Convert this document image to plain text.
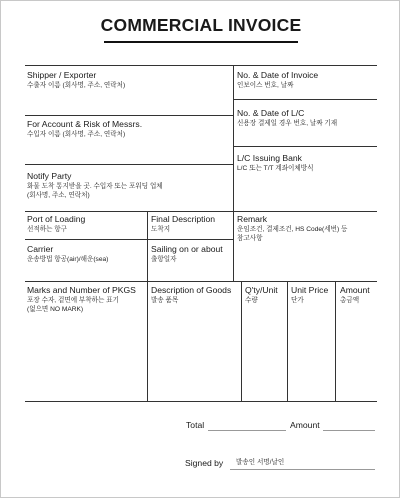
COMMERCIAL INVOICE
Shipper / Exporter
수출자 이름 (회사명, 주소, 연락처)
No. & Date of Invoice
인보이스 번호, 날짜
For Account & Risk of Messrs.
수입자 이름 (회사명, 주소, 연락처)
No. & Date of L/C
신용장 결제일 경우 번호, 날짜 기재
L/C Issuing Bank
L/C 또는 T/T 계좌이체방식
Notify Party
화물 도착 통지받을 곳. 수입자 또는 포워딩 업체
(회사명, 주소, 연락처)
Port of Loading
선적하는 항구
Final Description
도착지
Remark
운임조건, 결제조건, HS Code(세번) 등
참고사항
Carrier
운송방법 항공(air)/해운(sea)
Sailing on or about
출항일자
Marks and Number of PKGS
포장 수자, 겉면에 부착하는 표기
(없으면 NO MARK)
Description of Goods
발송 품목
Q'ty/Unit
수량
Unit Price
단가
Amount
총금액
Total	Amount
Signed by 발송인 서명/날인
